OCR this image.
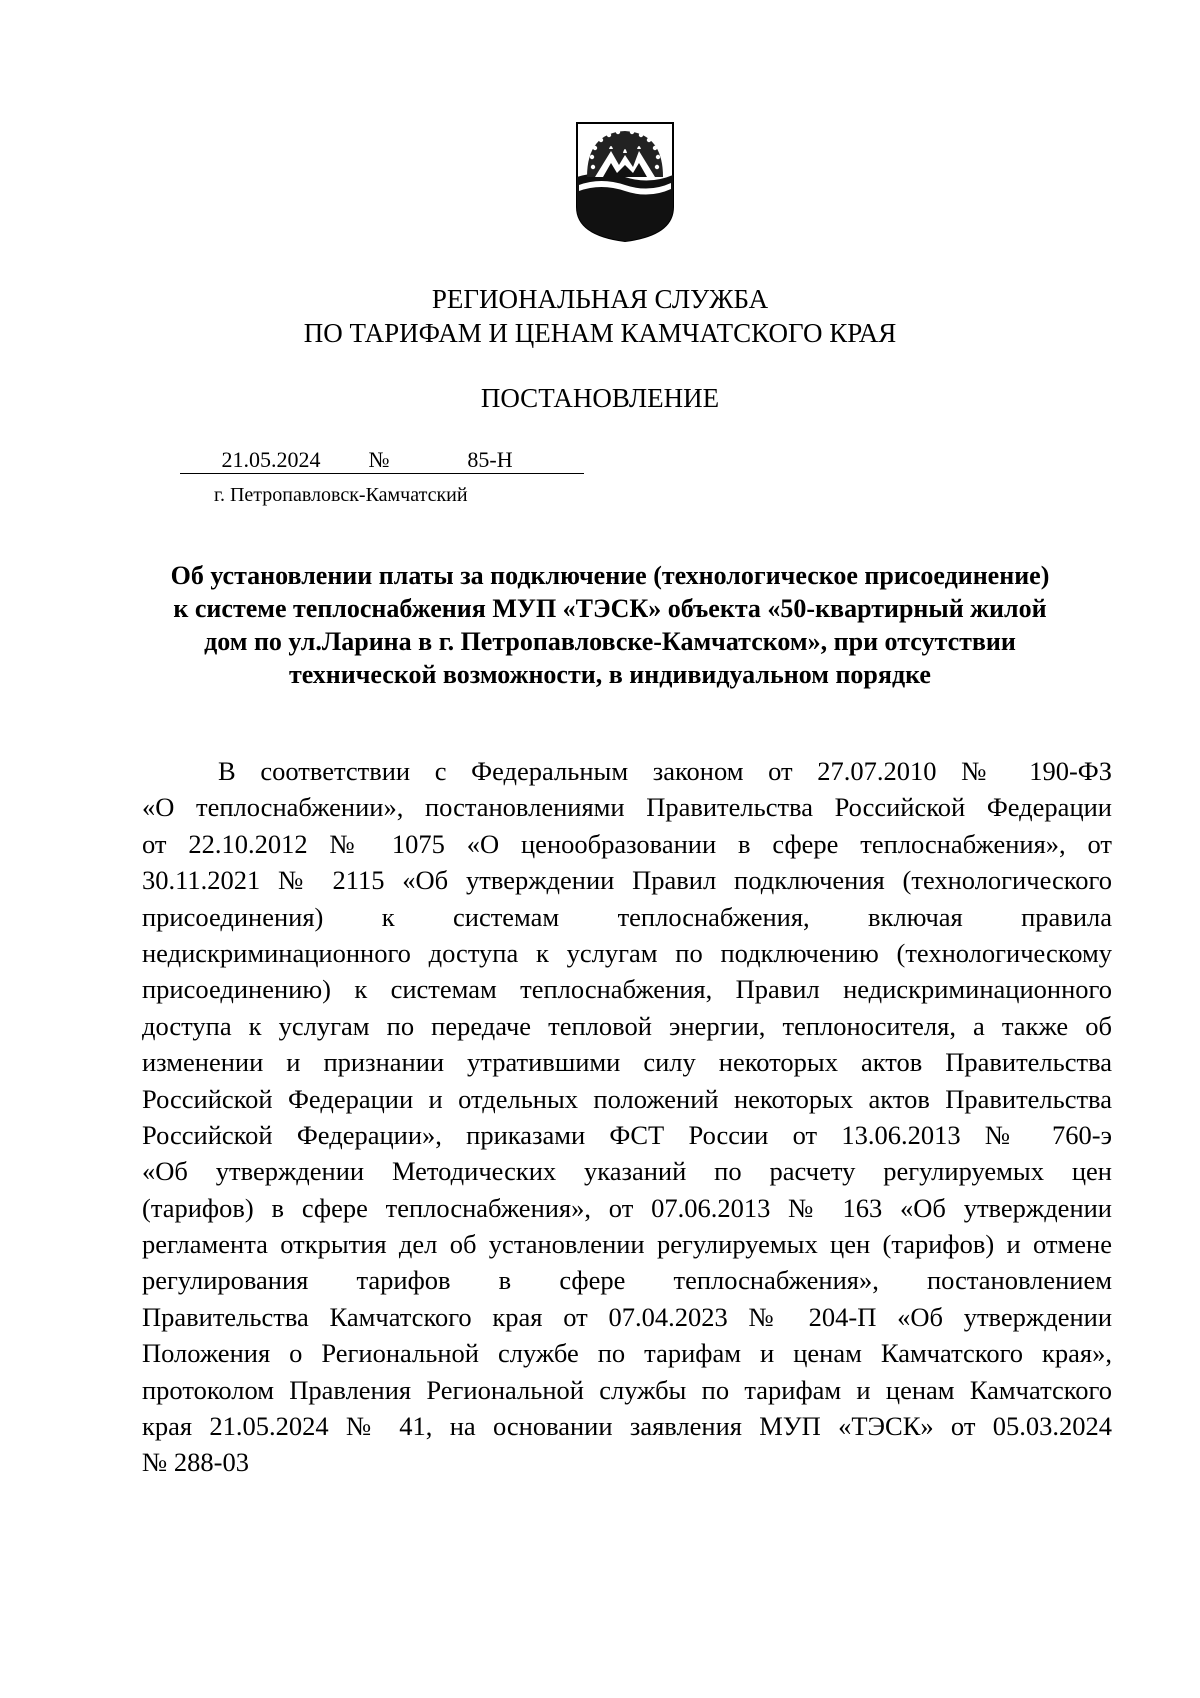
РЕГИОНАЛЬНАЯ СЛУЖБА
ПО ТАРИФАМ И ЦЕНАМ КАМЧАТСКОГО КРАЯ
ПОСТАНОВЛЕНИЕ
21.05.2024	№	85-Н
г. Петропавловск-Камчатский
Об установлении платы за подключение (технологическое присоединение)
к системе теплоснабжения МУП «ТЭСК» объекта «50-квартирный жилой
дом по ул.Ларина в г. Петропавловске-Камчатском», при отсутствии
технической возможности, в индивидуальном порядке
В соответствии с Федеральным законом от 27.07.2010 № 190-ФЗ
«О теплоснабжении», постановлениями Правительства Российской Федерации
от 22.10.2012 № 1075 «О ценообразовании в сфере теплоснабжения», от
30.11.2021 № 2115 «Об утверждении Правил подключения (технологического
присоединения) к системам теплоснабжения, включая правила
недискриминационного доступа к услугам по подключению (технологическому
присоединению) к системам теплоснабжения, Правил недискриминационного
доступа к услугам по передаче тепловой энергии, теплоносителя, а также об
изменении и признании утратившими силу некоторых актов Правительства
Российской Федерации и отдельных положений некоторых актов Правительства
Российской Федерации», приказами ФСТ России от 13.06.2013 № 760-э
«Об утверждении Методических указаний по расчету регулируемых цен
(тарифов) в сфере теплоснабжения», от 07.06.2013 № 163 «Об утверждении
регламента открытия дел об установлении регулируемых цен (тарифов) и отмене
регулирования тарифов в сфере теплоснабжения», постановлением
Правительства Камчатского края от 07.04.2023 № 204-П «Об утверждении
Положения о Региональной службе по тарифам и ценам Камчатского края»,
протоколом Правления Региональной службы по тарифам и ценам Камчатского
края 21.05.2024 № 41, на основании заявления МУП «ТЭСК» от 05.03.2024
№ 288-03
